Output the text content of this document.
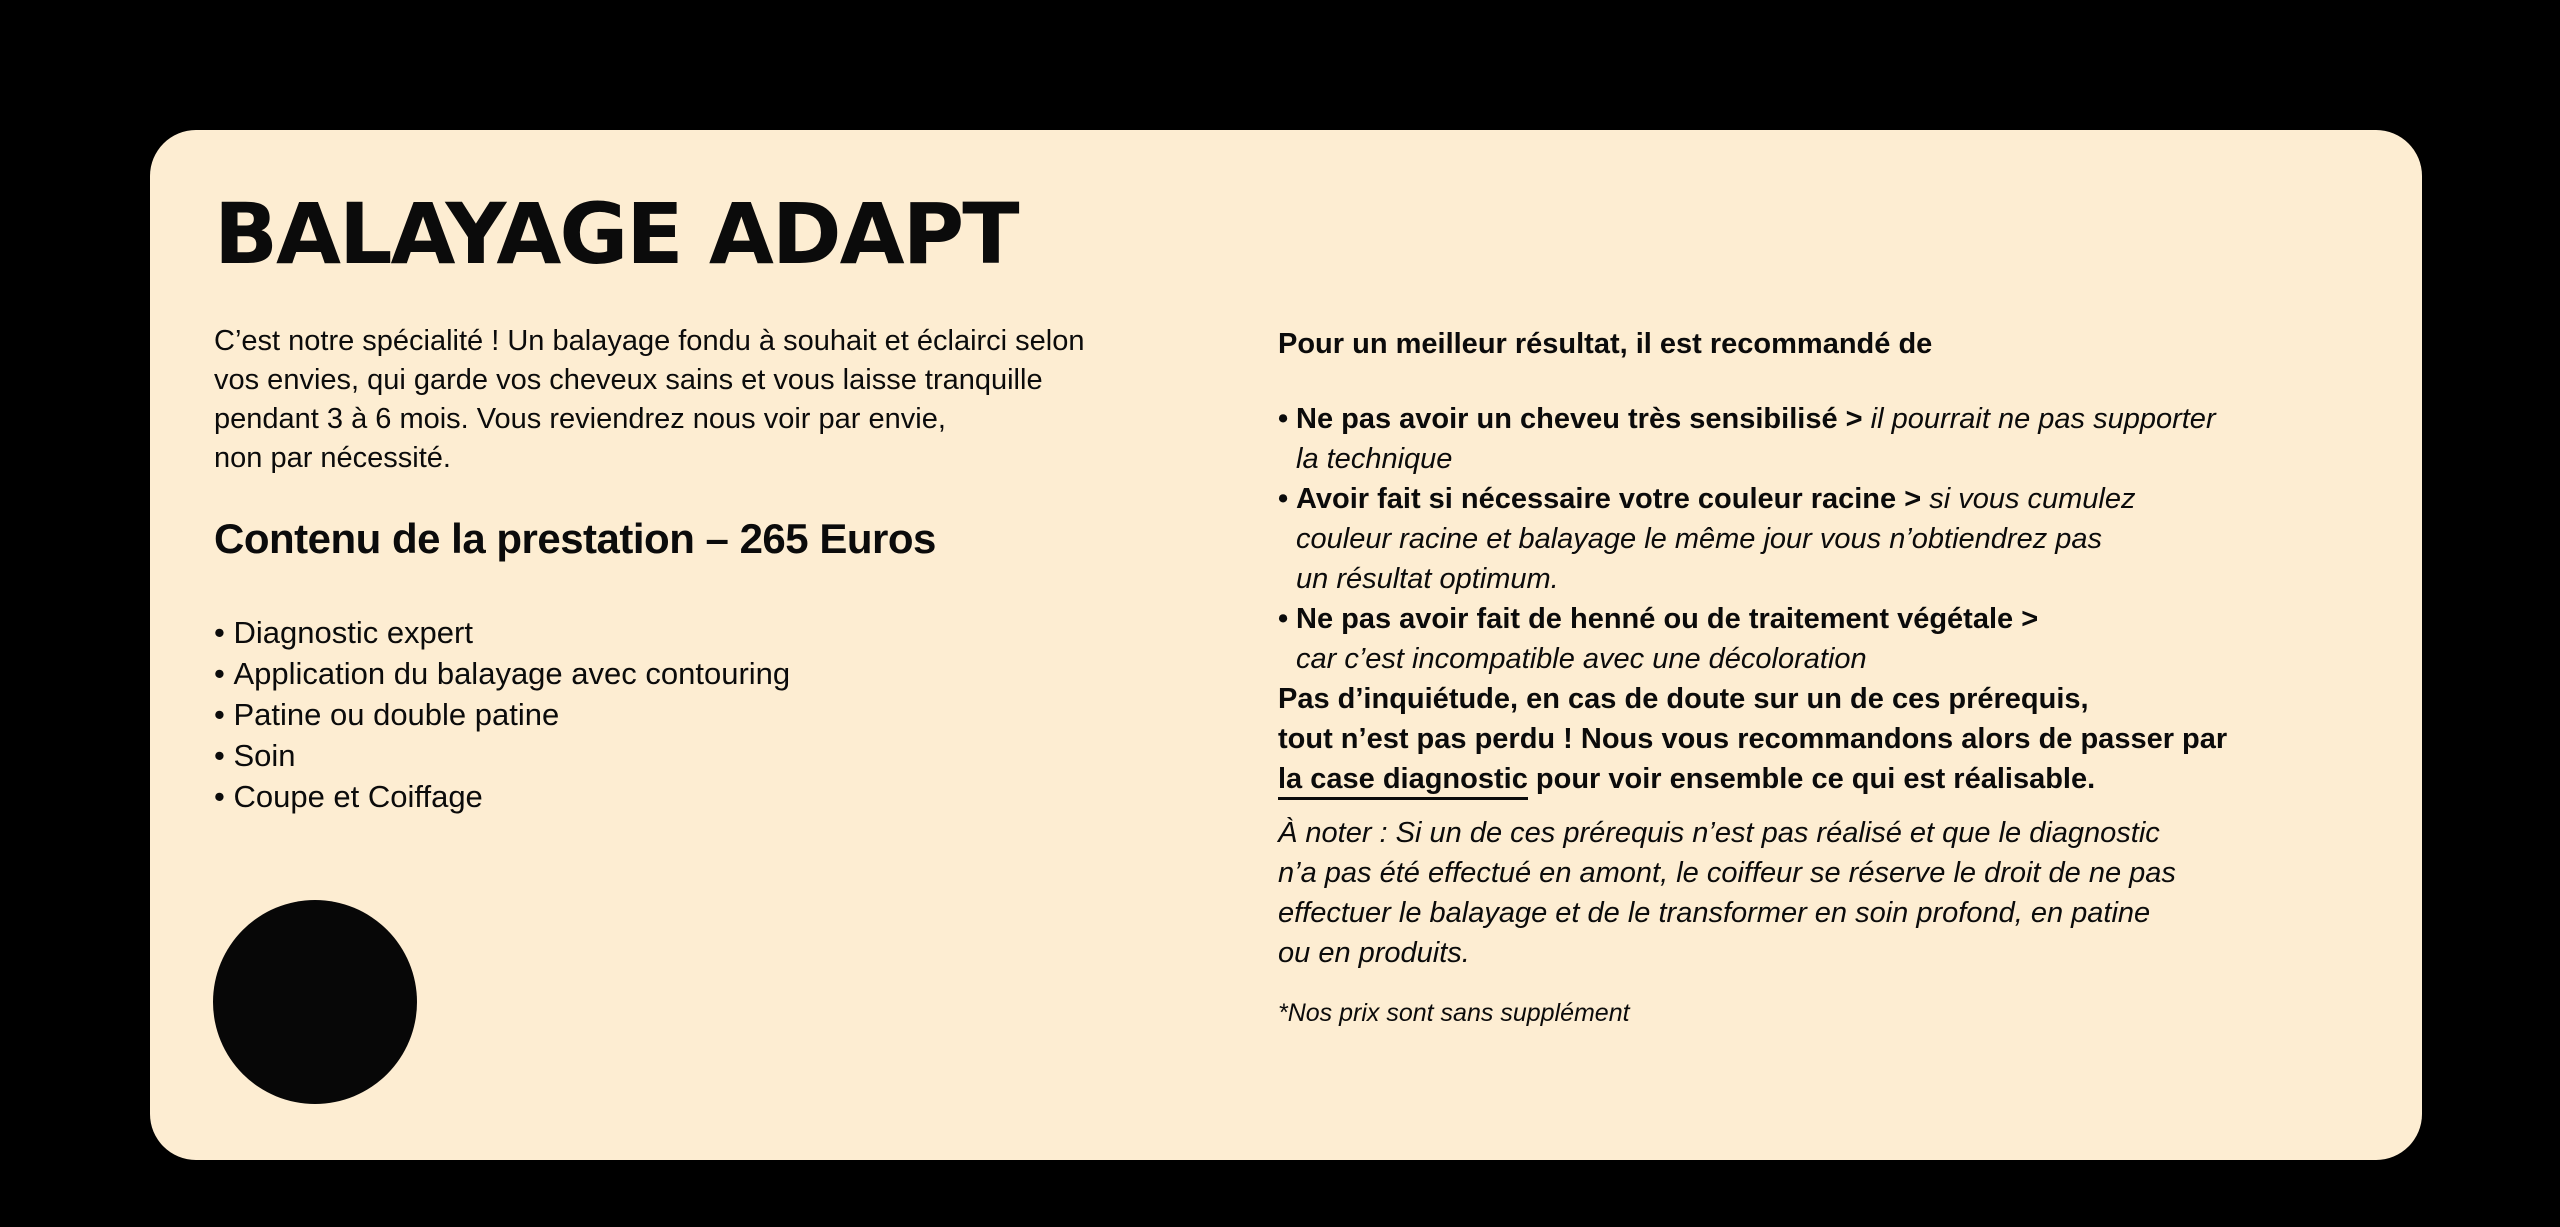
BALAYAGE ADAPT

C’est notre spécialité ! Un balayage fondu à souhait et éclairci selon
vos envies, qui garde vos cheveux sains et vous laisse tranquille
pendant 3 à 6 mois. Vous reviendrez nous voir par envie,
non par nécessité.

Contenu de la prestation – 265 Euros
• Diagnostic expert
• Application du balayage avec contouring
• Patine ou double patine
• Soin
• Coupe et Coiffage

Pour un meilleur résultat, il est recommandé de

• Ne pas avoir un cheveu très sensibilisé > il pourrait ne pas supporter
la technique
• Avoir fait si nécessaire votre couleur racine > si vous cumulez
couleur racine et balayage le même jour vous n’obtiendrez pas
un résultat optimum.
• Ne pas avoir fait de henné ou de traitement végétale >
car c’est incompatible avec une décoloration

Pas d’inquiétude, en cas de doute sur un de ces prérequis,
tout n’est pas perdu ! Nous vous recommandons alors de passer par
la case diagnostic pour voir ensemble ce qui est réalisable.

À noter : Si un de ces prérequis n’est pas réalisé et que le diagnostic
n’a pas été effectué en amont, le coiffeur se réserve le droit de ne pas
effectuer le balayage et de le transformer en soin profond, en patine
ou en produits.

*Nos prix sont sans supplément
